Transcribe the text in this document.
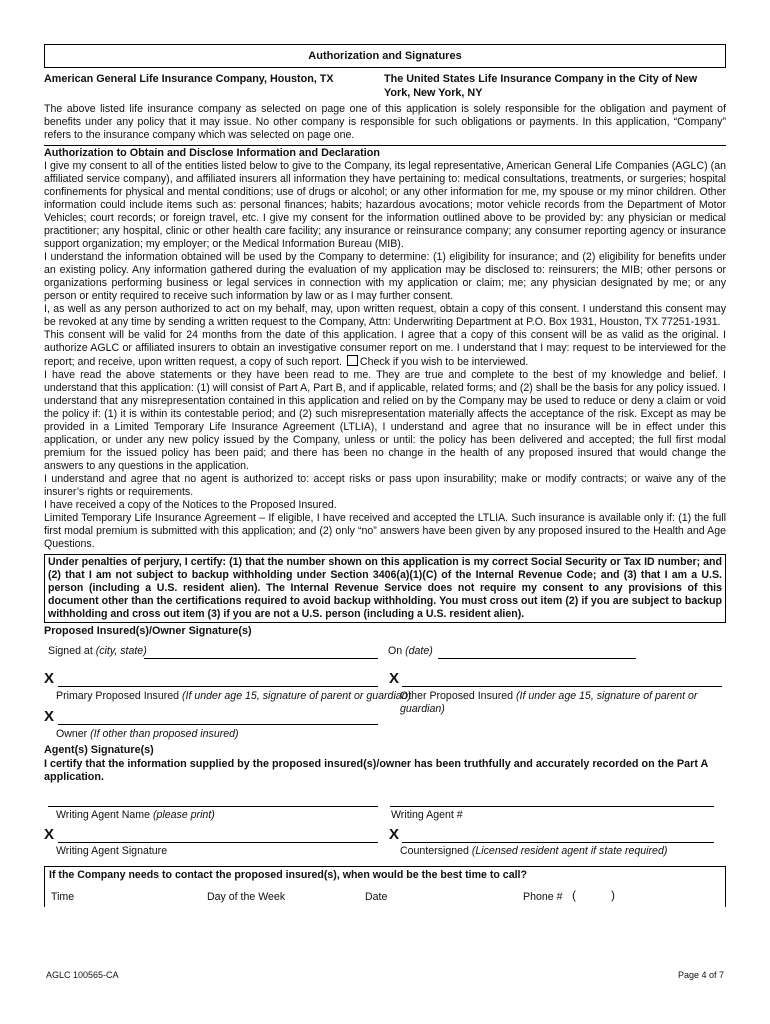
Authorization and Signatures
American General Life Insurance Company, Houston, TX	The United States Life Insurance Company in the City of New York, New York, NY

The above listed life insurance company as selected on page one of this application is solely responsible for the obligation and payment of benefits under any policy that it may issue. No other company is responsible for such obligations or payments. In this application, “Company” refers to the insurance company which was selected on page one.

Authorization to Obtain and Disclose Information and Declaration

I give my consent to all of the entities listed below to give to the Company, its legal representative, American General Life Companies (AGLC) (an affiliated service company), and affiliated insurers all information they have pertaining to: medical consultations, treatments, or surgeries; hospital confinements for physical and mental conditions; use of drugs or alcohol; or any other information for me, my spouse or my minor children. Other information could include items such as: personal finances; habits; hazardous avocations; motor vehicle records from the Department of Motor Vehicles; court records; or foreign travel, etc. I give my consent for the information outlined above to be provided by: any physician or medical practitioner; any hospital, clinic or other health care facility; any insurance or reinsurance company; any consumer reporting agency or insurance support organization; my employer; or the Medical Information Bureau (MIB).

I understand the information obtained will be used by the Company to determine: (1) eligibility for insurance; and (2) eligibility for benefits under an existing policy. Any information gathered during the evaluation of my application may be disclosed to: reinsurers; the MIB; other persons or organizations performing business or legal services in connection with my application or claim; me; any physician designated by me; or any person or entity required to receive such information by law or as I may further consent.

I, as well as any person authorized to act on my behalf, may, upon written request, obtain a copy of this consent. I understand this consent may be revoked at any time by sending a written request to the Company, Attn: Underwriting Department at P.O. Box 1931, Houston, TX 77251-1931.

This consent will be valid for 24 months from the date of this application. I agree that a copy of this consent will be as valid as the original. I authorize AGLC or affiliated insurers to obtain an investigative consumer report on me. I understand that I may: request to be interviewed for the report; and receive, upon written request, a copy of such report. Check if you wish to be interviewed.

I have read the above statements or they have been read to me. They are true and complete to the best of my knowledge and belief. I understand that this application: (1) will consist of Part A, Part B, and if applicable, related forms; and (2) shall be the basis for any policy issued. I understand that any misrepresentation contained in this application and relied on by the Company may be used to reduce or deny a claim or void the policy if: (1) it is within its contestable period; and (2) such misrepresentation materially affects the acceptance of the risk. Except as may be provided in a Limited Temporary Life Insurance Agreement (LTLIA), I understand and agree that no insurance will be in effect under this application, or under any new policy issued by the Company, unless or until: the policy has been delivered and accepted; the full first modal premium for the issued policy has been paid; and there has been no change in the health of any proposed insured that would change the answers to any questions in the application.

I understand and agree that no agent is authorized to: accept risks or pass upon insurability; make or modify contracts; or waive any of the insurer’s rights or requirements.

I have received a copy of the Notices to the Proposed Insured.

Limited Temporary Life Insurance Agreement – If eligible, I have received and accepted the LTLIA. Such insurance is available only if: (1) the full first modal premium is submitted with this application; and (2) only “no” answers have been given by any proposed insured to the Health and Age Questions.

Under penalties of perjury, I certify: (1) that the number shown on this application is my correct Social Security or Tax ID number; and (2) that I am not subject to backup withholding under Section 3406(a)(1)(C) of the Internal Revenue Code; and (3) that I am a U.S. person (including a U.S. resident alien). The Internal Revenue Service does not require my consent to any provisions of this document other than the certifications required to avoid backup withholding. You must cross out item (2) if you are subject to backup withholding and cross out item (3) if you are not a U.S. person (including a U.S. resident alien).
Proposed Insured(s)/Owner Signature(s)
Signed at (city, state)	On (date)
X
Primary Proposed Insured (If under age 15, signature of parent or guardian)
X
Other Proposed Insured (If under age 15, signature of parent or guardian)
X
Owner (If other than proposed insured)
Agent(s) Signature(s)
I certify that the information supplied by the proposed insured(s)/owner has been truthfully and accurately recorded on the Part A application.
Writing Agent Name (please print)	Writing Agent #
X
Writing Agent Signature
X
Countersigned (Licensed resident agent if state required)
If the Company needs to contact the proposed insured(s), when would be the best time to call?
Time	Day of the Week	Date	Phone # (	)
AGLC 100565-CA	Page 4 of 7
